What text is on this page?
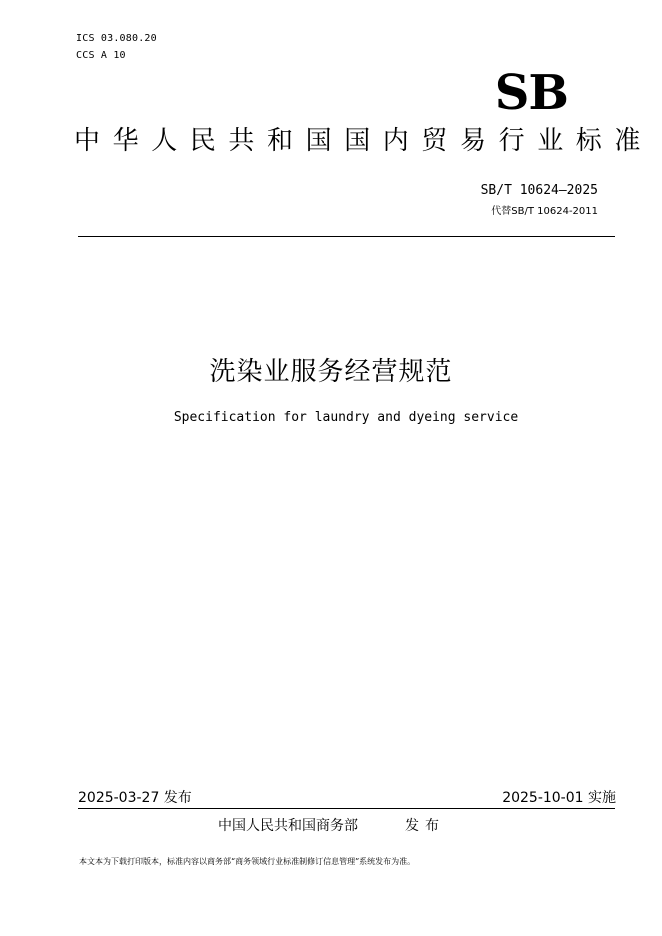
ICS 03.080.20
CCS A 10
SB
中华人民共和国国内贸易行业标准
SB/T 10624—2025
代替SB/T 10624-2011
洗染业服务经营规范
Specification for laundry and dyeing service
2025-03-27 发布	2025-10-01 实施
中国人民共和国商务部	发布
本文本为下载打印版本，标准内容以商务部“商务领域行业标准制修订信息管理”系统发布为准。
